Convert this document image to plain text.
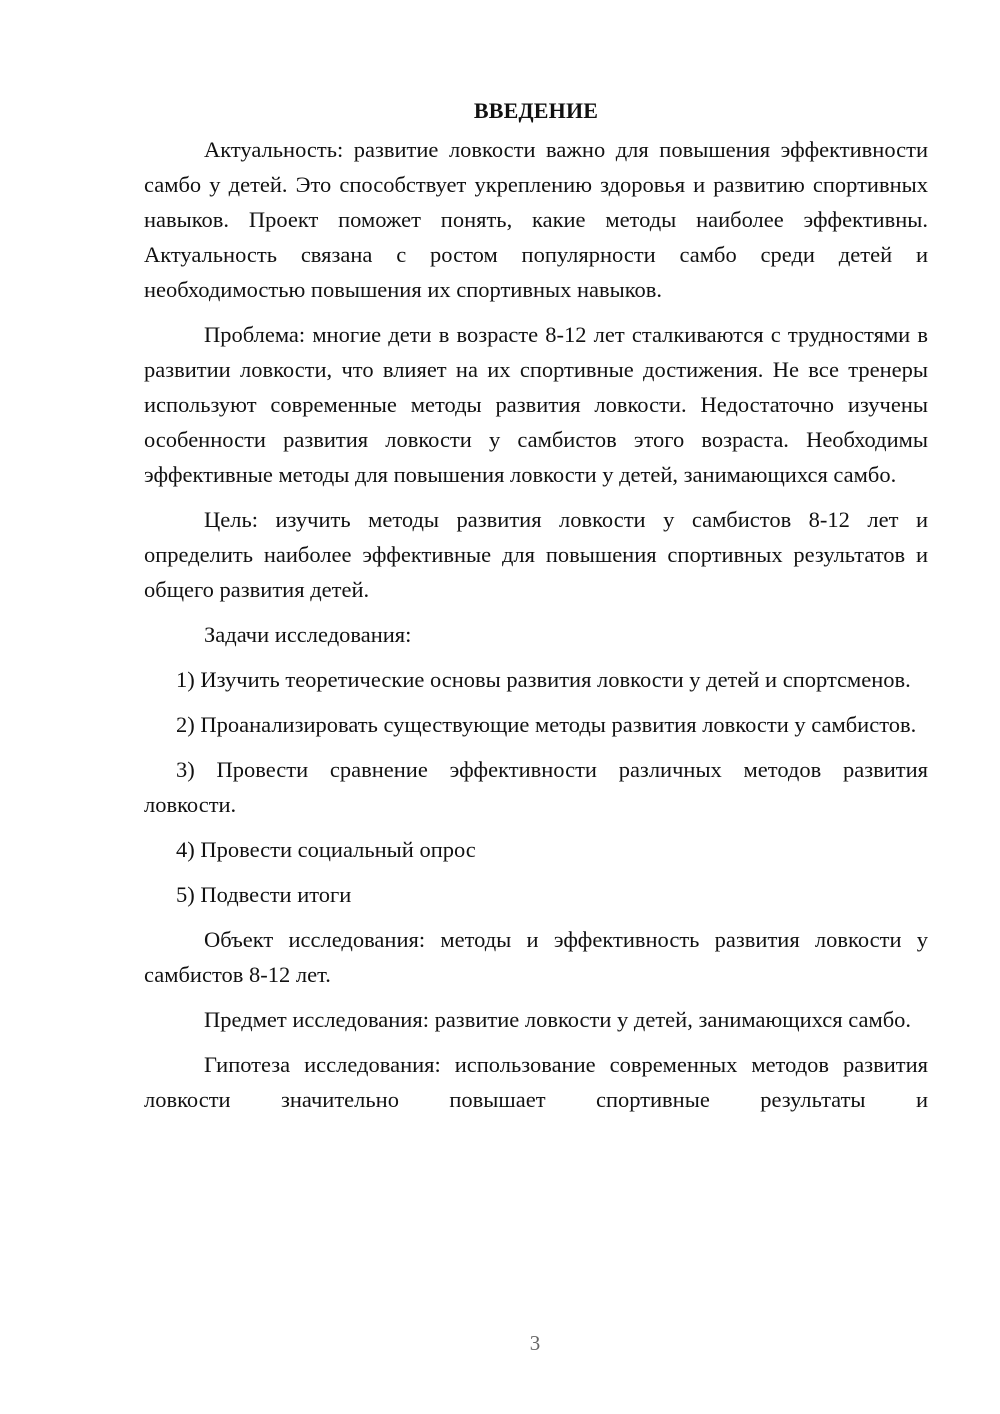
ВВЕДЕНИЕ

Актуальность: развитие ловкости важно для повышения эффективности самбо у детей. Это способствует укреплению здоровья и развитию спортивных навыков. Проект поможет понять, какие методы наиболее эффективны. Актуальность связана с ростом популярности самбо среди детей и необходимостью повышения их спортивных навыков.

Проблема: многие дети в возрасте 8-12 лет сталкиваются с трудностями в развитии ловкости, что влияет на их спортивные достижения. Не все тренеры используют современные методы развития ловкости. Недостаточно изучены особенности развития ловкости у самбистов этого возраста. Необходимы эффективные методы для повышения ловкости у детей, занимающихся самбо.

Цель: изучить методы развития ловкости у самбистов 8-12 лет и определить наиболее эффективные для повышения спортивных результатов и общего развития детей.

Задачи исследования:

1) Изучить теоретические основы развития ловкости у детей и спортсменов.

2) Проанализировать существующие методы развития ловкости у самбистов.

3) Провести сравнение эффективности различных методов развития ловкости.

4) Провести социальный опрос

5) Подвести итоги

Объект исследования: методы и эффективность развития ловкости у самбистов 8-12 лет.

Предмет исследования: развитие ловкости у детей, занимающихся самбо.

Гипотеза исследования: использование современных методов развития ловкости значительно повышает спортивные результаты и

3
